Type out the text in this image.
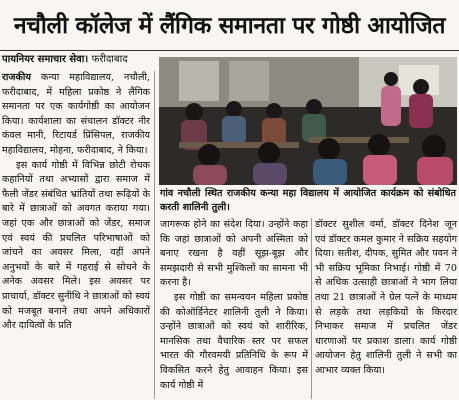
नचौली कॉलेज में लैंगिक समानता पर गोष्ठी आयोजित
पायनियर समाचार सेवा। फरीदाबाद

राजकीय कन्या महाविद्यालय, नचौली, फरीदाबाद, में महिला प्रकोष्ठ ने लैंगिक समानता पर एक कार्यगोष्ठी का आयोजन किया। कार्यशाला का संचालन डॉक्टर नीर कंवल मानी, रिटायर्ड प्रिंसिपल, राजकीय महाविद्यालय, मोहना, फरीदाबाद, ने किया।

इस कार्य गोष्ठी में विभिन्न छोटी रोचक कहानियों तथा अभ्यासों द्वारा समाज में फैली जेंडर संबंधित भ्रांतियों तथा रूढ़ियों के बारे में छात्राओं को अवगत कराया गया। जहां एक और छात्राओं को जेंडर, समाज एवं स्वयं की प्रचलित परिभाषाओं को जांचने का अवसर मिला, वहीं अपने अनुभवों के बारे में गहराई से सोचने के अनेक अवसर मिले। इस अवसर पर प्राचार्या, डॉक्टर सुनीथि ने छात्राओं को स्वयं को मजबूत बनाने तथा अपने अधिकारों और दायित्वों के प्रति

गांव नचौली स्थित राजकीय कन्या महा विद्यालय में आयोजित कार्यक्रम को संबोधित करती शालिनी तुली।

जागरूक होने का संदेश दिया। उन्होंने कहा कि जहां छात्राओं को अपनी अस्मिता को बनाए रखना है वहीं सूझ-बूझ और समझदारी से सभी मुश्किलों का सामना भी करना है।

इस गोष्ठी का समन्वयन महिला प्रकोष्ठ की कोऑर्डिनेटर शालिनी तुली ने किया। उन्होंने छात्राओं को स्वयं को शारीरिक, मानसिक तथा वैचारिक स्तर पर सफल भारत की गौरवमयी प्रतिनिधि के रूप में विकसित करने हेतु आवाहन किया। इस कार्य गोष्ठी में

डॉक्टर सुशील वर्मा, डॉक्टर दिनेश जून एवं डॉक्टर कमल कुमार ने सक्रिय सहयोग दिया। सतीश, दीपक, सुमित और पवन ने भी सक्रिय भूमिका निभाई। गोष्ठी में 70 से अधिक उत्साही छात्राओं ने भाग लिया तथा 21 छात्राओं ने ग्रेल पत्नें के माध्यम से लड़के तथा लड़कियों के किरदार निभाकर समाज में प्रचलित जेंडर धारणाओं पर प्रकाश डाला। कार्य गोष्ठी आयोजन हेतु शालिनी तुली ने सभी का आभार व्यक्त किया।
